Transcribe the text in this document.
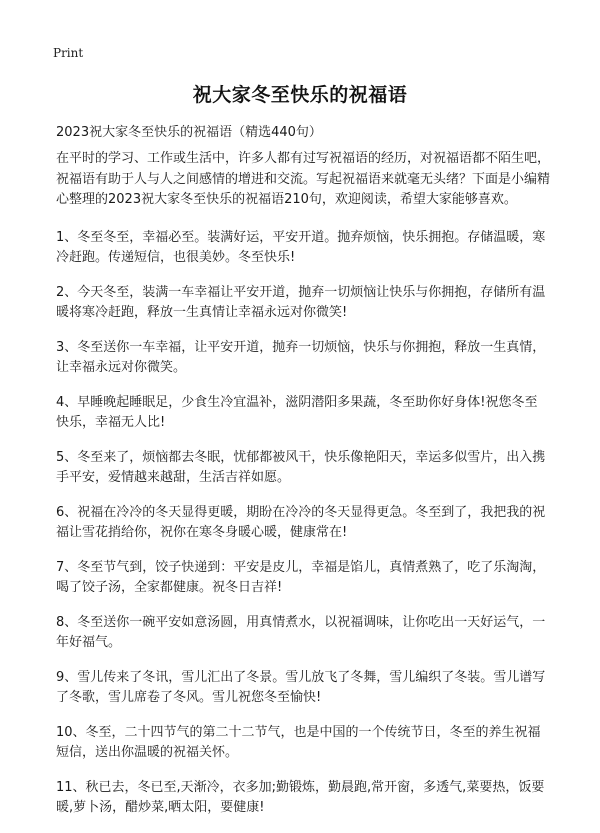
Print
祝大家冬至快乐的祝福语

2023祝大家冬至快乐的祝福语（精选440句）

在平时的学习、工作或生活中，许多人都有过写祝福语的经历，对祝福语都不陌生吧，祝福语有助于人与人之间感情的增进和交流。写起祝福语来就毫无头绪？下面是小编精心整理的2023祝大家冬至快乐的祝福语210句，欢迎阅读，希望大家能够喜欢。

1、冬至冬至，幸福必至。装满好运，平安开道。抛弃烦恼，快乐拥抱。存储温暖，寒冷赶跑。传递短信，也很美妙。冬至快乐!

2、今天冬至，装满一车幸福让平安开道，抛弃一切烦恼让快乐与你拥抱，存储所有温暖将寒冷赶跑，释放一生真情让幸福永远对你微笑!

3、冬至送你一车幸福，让平安开道，抛弃一切烦恼，快乐与你拥抱，释放一生真情，让幸福永远对你微笑。

4、早睡晚起睡眠足，少食生冷宜温补，滋阴潜阳多果蔬，冬至助你好身体!祝您冬至快乐，幸福无人比!

5、冬至来了，烦恼都去冬眠，忧郁都被风干，快乐像艳阳天，幸运多似雪片，出入携手平安，爱情越来越甜，生活吉祥如愿。

6、祝福在冷冷的冬天显得更暖，期盼在冷冷的冬天显得更急。冬至到了，我把我的祝福让雪花捎给你，祝你在寒冬身暖心暖，健康常在!

7、冬至节气到，饺子快递到：平安是皮儿，幸福是馅儿，真情煮熟了，吃了乐淘淘，喝了饺子汤，全家都健康。祝冬日吉祥!

8、冬至送你一碗平安如意汤圆，用真情煮水，以祝福调味，让你吃出一天好运气，一年好福气。

9、雪儿传来了冬讯，雪儿汇出了冬景。雪儿放飞了冬舞，雪儿编织了冬装。雪儿谱写了冬歌，雪儿席卷了冬风。雪儿祝您冬至愉快!

10、冬至，二十四节气的第二十二节气，也是中国的一个传统节日，冬至的养生祝福短信，送出你温暖的祝福关怀。

11、秋已去，冬已至,天渐冷，衣多加;勤锻炼，勤晨跑,常开窗，多透气,菜要热，饭要暖,萝卜汤，醋炒菜,晒太阳，要健康!
